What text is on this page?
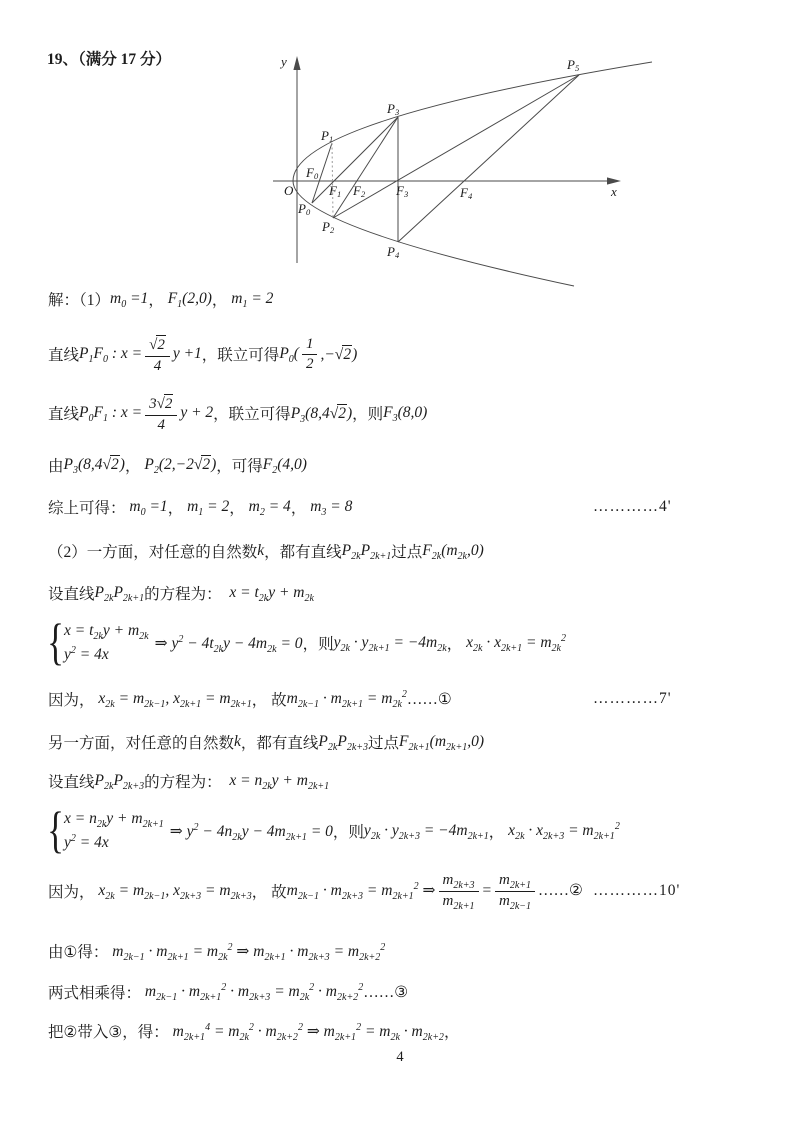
19、（满分 17 分）	y
x
O
$P_1$
$P_3$
$P_5$
$P_0$
$P_2$
$P_4$
$F_0$
$F_1$ $F_2$ $F_3$	$F_4$
解：（1） $m_0 =1$ ， $F_1(2,0)$ ， $m_1 = 2$
直线 $P_1F_0$ : $x = \frac{√2}{4}$ y +1 ，联立可得 $P_0( \frac{1}{2} ,-√2)$
直线 $P_0F_1$ : $x = \frac{3√2}{4}$ y + 2 ，联立可得 $P_3(8,4√2)$ ，则 $F_3(8,0)$
由 $P_3(8,4√2)$ ， $P_2(2,-2√2)$ ，可得 $F_2(4,0)$
综上可得： $m_0 =1$ ， $m_1 = 2$ ， $m_2 = 4$ ， $m_3 = 8$	…………4'
（2）一方面，对任意的自然数 k ，都有直线 $P_{2k}P_{2k+1}$ 过点 $F_{2k}(m_{2k},0)$
设直线 $P_{2k}P_{2k+1}$ 的方程为： $x = t_{2k}y + m_{2k}$
{ $x = t_{2k}y + m_{2k}$
$y^2 = 4x$
⇒ $y^2 - 4t_{2k}y - 4m_{2k} = 0$ ，则 $y_{2k} \cdot y_{2k+1} = -4m_{2k}$ ， $x_{2k} \cdot x_{2k+1} = m_{2k}^2$
因为， $x_{2k} = m_{2k-1}$, $x_{2k+1} = m_{2k+1}$ ， 故 $m_{2k-1} \cdot m_{2k+1} = m_{2k}^2$ ……①	…………7'
另一方面，对任意的自然数 k ，都有直线 $P_{2k}P_{2k+3}$ 过点 $F_{2k+1}(m_{2k+1},0)$
设直线 $P_{2k}P_{2k+3}$ 的方程为： $x = n_{2k}y + m_{2k+1}$
{ $x = n_{2k}y + m_{2k+1}$
$y^2 = 4x$
⇒ $y^2 - 4n_{2k}y - 4m_{2k+1} = 0$ ，则 $y_{2k} \cdot y_{2k+3} = -4m_{2k+1}$ ， $x_{2k} \cdot x_{2k+3} = m_{2k+1}^2$
因为， $x_{2k} = m_{2k-1}$, $x_{2k+3} = m_{2k+3}$ ， 故 $m_{2k-1} \cdot m_{2k+3} = m_{2k+1}^2$ ⇒ $\frac{m_{2k+3}}{m_{2k+1}} = \frac{m_{2k+1}}{m_{2k-1}}$ ……② …………10'
由①得： $m_{2k-1} \cdot m_{2k+1} = m_{2k}^2$ ⇒ $m_{2k+1} \cdot m_{2k+3} = m_{2k+2}^2$
两式相乘得： $m_{2k-1} \cdot m_{2k+1}^2 \cdot m_{2k+3} = m_{2k}^2 \cdot m_{2k+2}^2$ ……③
把②带入③，得： $m_{2k+1}^4 = m_{2k}^2 \cdot m_{2k+2}^2$ ⇒ $m_{2k+1}^2 = m_{2k} \cdot m_{2k+2}$ ，
4
